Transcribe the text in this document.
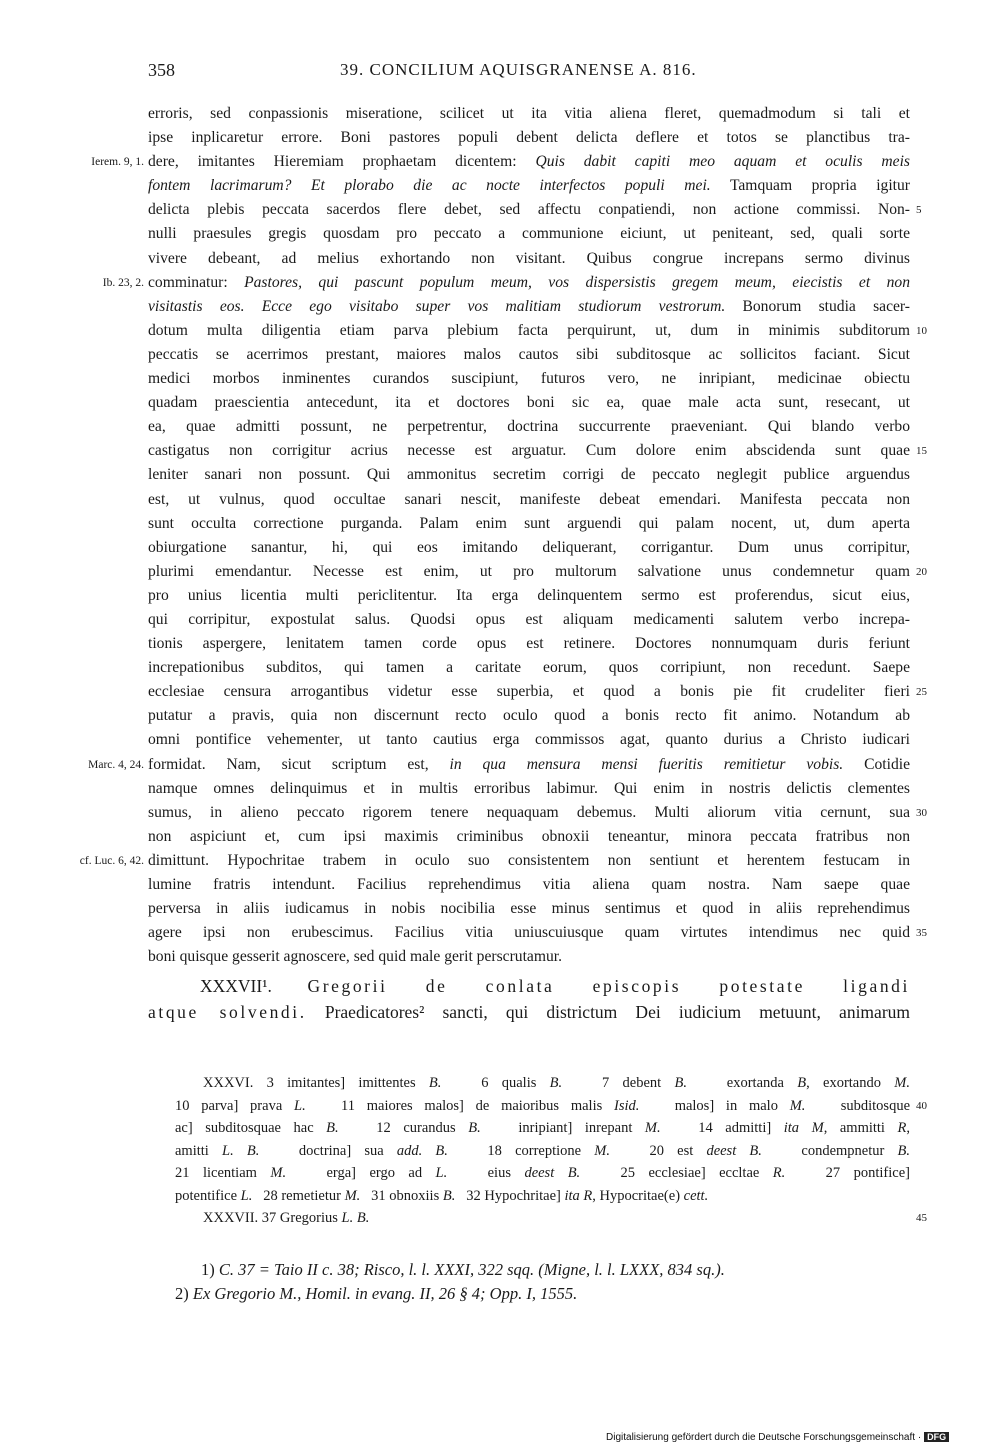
358	39. CONCILIUM AQUISGRANENSE A. 816.
erroris, sed conpassionis miseratione, scilicet ut ita vitia aliena fleret, quemadmodum si tali et
ipse inplicaretur errore. Boni pastores populi debent delicta deflere et totos se planctibus tra-
dere, imitantes Hieremiam prophaetam dicentem: Quis dabit capiti meo aquam et oculis meis
fontem lacrimarum? Et plorabo die ac nocte interfectos populi mei. Tamquam propria igitur
delicta plebis peccata sacerdos flere debet, sed affectu conpatiendi, non actione commissi. Non-
nulli praesules gregis quosdam pro peccato a communione eiciunt, ut peniteant, sed, quali sorte
vivere debeant, ad melius exhortando non visitant. Quibus congrue increpans sermo divinus
comminatur: Pastores, qui pascunt populum meum, vos dispersistis gregem meum, eiecistis et non
visitastis eos. Ecce ego visitabo super vos malitiam studiorum vestrorum. Bonorum studia sacer-
dotum multa diligentia etiam parva plebium facta perquirunt, ut, dum in minimis subditorum
peccatis se acerrimos prestant, maiores malos cautos sibi subditosque ac sollicitos faciant. Sicut
medici morbos inminentes curandos suscipiunt, futuros vero, ne inripiant, medicinae obiectu
quadam praescientia antecedunt, ita et doctores boni sic ea, quae male acta sunt, resecant, ut
ea, quae admitti possunt, ne perpetrentur, doctrina succurrente praeveniant. Qui blando verbo
castigatus non corrigitur acrius necesse est arguatur. Cum dolore enim abscidenda sunt quae
leniter sanari non possunt. Qui ammonitus secretim corrigi de peccato neglegit publice arguendus
est, ut vulnus, quod occultae sanari nescit, manifeste debeat emendari. Manifesta peccata non
sunt occulta correctione purganda. Palam enim sunt arguendi qui palam nocent, ut, dum aperta
obiurgatione sanantur, hi, qui eos imitando deliquerant, corrigantur. Dum unus corripitur,
plurimi emendantur. Necesse est enim, ut pro multorum salvatione unus condemnetur quam
pro unius licentia multi periclitentur. Ita erga delinquentem sermo est proferendus, sicut eius,
qui corripitur, expostulat salus. Quodsi opus est aliquam medicamenti salutem verbo increpa-
tionis aspergere, lenitatem tamen corde opus est retinere. Doctores nonnumquam duris feriunt
increpationibus subditos, qui tamen a caritate eorum, quos corripiunt, non recedunt. Saepe
ecclesiae censura arrogantibus videtur esse superbia, et quod a bonis pie fit crudeliter fieri
putatur a pravis, quia non discernunt recto oculo quod a bonis recto fit animo. Notandum ab
omni pontifice vehementer, ut tanto cautius erga commissos agat, quanto durius a Christo iudicari
formidat. Nam, sicut scriptum est, in qua mensura mensi fueritis remitietur vobis. Cotidie
namque omnes delinquimus et in multis erroribus labimur. Qui enim in nostris delictis clementes
sumus, in alieno peccato rigorem tenere nequaquam debemus. Multi aliorum vitia cernunt, sua
non aspiciunt et, cum ipsi maximis criminibus obnoxii teneantur, minora peccata fratribus non
dimittunt. Hypochritae trabem in oculo suo consistentem non sentiunt et herentem festucam in
lumine fratris intendunt. Facilius reprehendimus vitia aliena quam nostra. Nam saepe quae
perversa in aliis iudicamus in nobis nocibilia esse minus sentimus et quod in aliis reprehendimus
agere ipsi non erubescimus. Facilius vitia uniuscuiusque quam virtutes intendimus nec quid
boni quisque gesserit agnoscere, sed quid male gerit perscrutamur.
XXXVII¹. Gregorii de conlata episcopis potestate ligandi
atque solvendi. Praedicatores² sancti, qui districtum Dei iudicium metuunt, animarum
Ierem. 9, 1.
Ib. 23, 2.
Marc. 4, 24.
cf. Luc. 6, 42.
5
10
15
20
25
30
35
40
45
XXXVI. 3 imitantes] imittentes B.   6 qualis B.   7 debent B.   exortanda B, exortando M.
10 parva] prava L.   11 maiores malos] de maioribus malis Isid.   malos] in malo M.   subditosque
ac] subditosquae hac B.   12 curandus B.   inripiant] inrepant M.   14 admitti] ita M, ammitti R,
amitti L. B.   doctrina] sua add. B.   18 correptione M.   20 est deest B.   condempnetur B.
21 licentiam M.   erga] ergo ad L.   eius deest B.   25 ecclesiae] eccltae R.   27 pontifice]
potentifice L.   28 remetietur M.   31 obnoxiis B.   32 Hypochritae] ita R, Hypocritae(e) cett.
XXXVII. 37 Gregorius L. B.
1) C. 37 = Taio II c. 38; Risco, l. l. XXXI, 322 sqq. (Migne, l. l. LXXX, 834 sq.).
2) Ex Gregorio M., Homil. in evang. II, 26 § 4; Opp. I, 1555.
Digitalisierung gefördert durch die Deutsche Forschungsgemeinschaft · DFG
